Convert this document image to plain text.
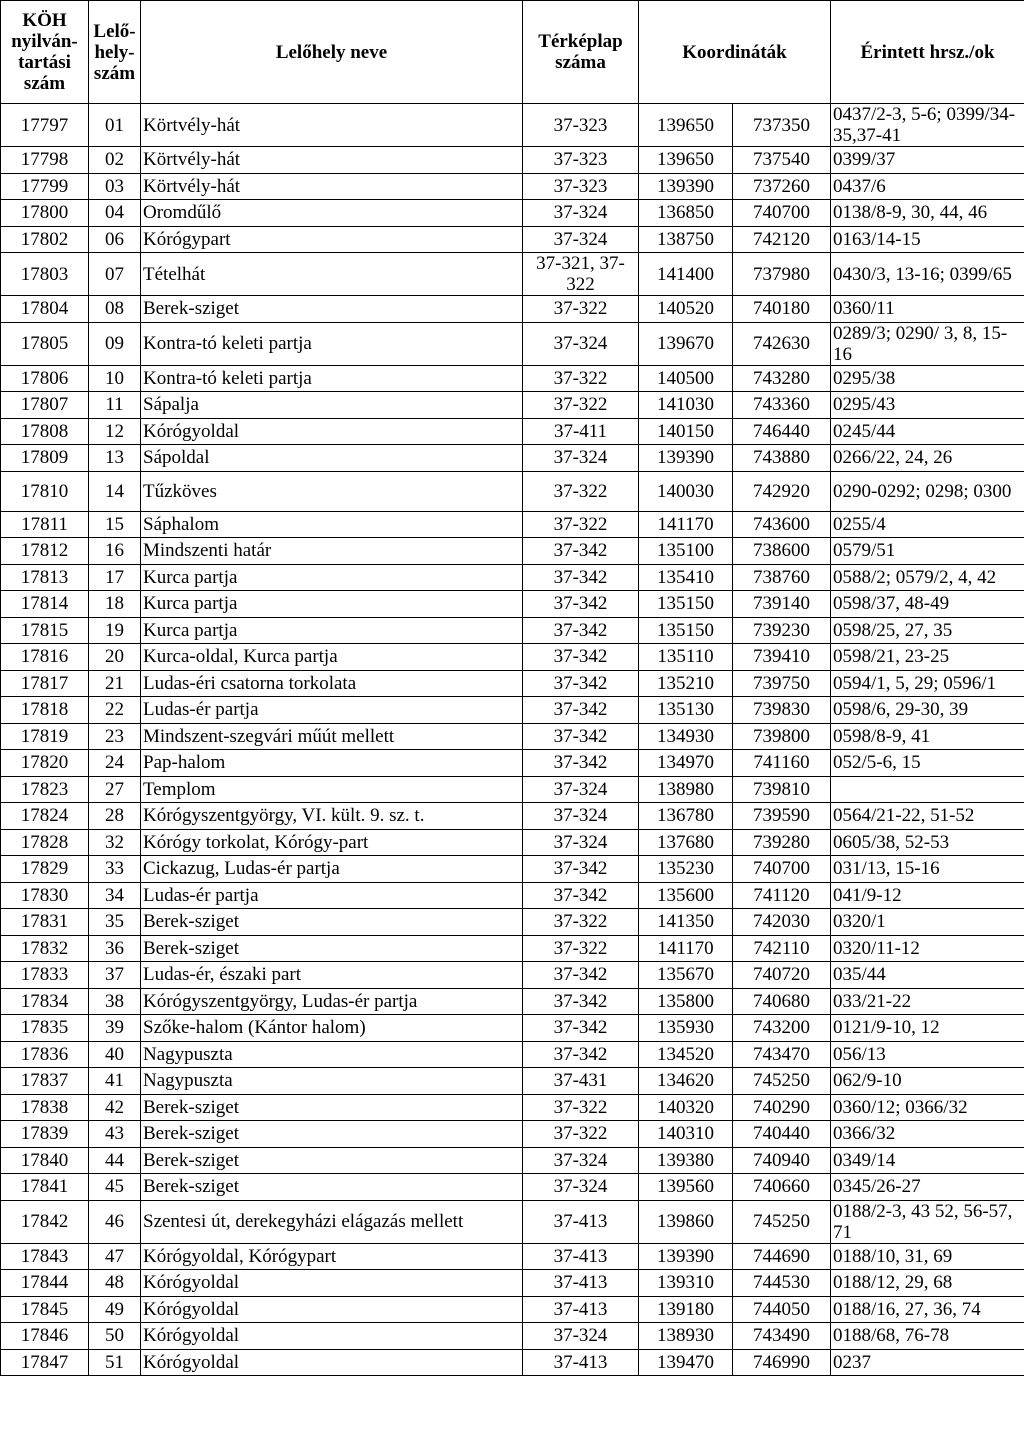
KÖH nyilván-tartási szám	Lelő-hely-szám	Lelőhely neve	Térképlap száma	Koordináták		Érintett hrsz./ok
17797	01	Körtvély-hát	37-323	139650	737350	0437/2-3, 5-6; 0399/34-35,37-41
17798	02	Körtvély-hát	37-323	139650	737540	0399/37
17799	03	Körtvély-hát	37-323	139390	737260	0437/6
17800	04	Oromdűlő	37-324	136850	740700	0138/8-9, 30, 44, 46
17802	06	Kórógypart	37-324	138750	742120	0163/14-15
17803	07	Tételhát	37-321, 37-322	141400	737980	0430/3, 13-16; 0399/65
17804	08	Berek-sziget	37-322	140520	740180	0360/11
17805	09	Kontra-tó keleti partja	37-324	139670	742630	0289/3; 0290/ 3, 8, 15-16
17806	10	Kontra-tó keleti partja	37-322	140500	743280	0295/38
17807	11	Sápalja	37-322	141030	743360	0295/43
17808	12	Kórógyoldal	37-411	140150	746440	0245/44
17809	13	Sápoldal	37-324	139390	743880	0266/22, 24, 26
17810	14	Tűzköves	37-322	140030	742920	0290-0292; 0298; 0300
17811	15	Sáphalom	37-322	141170	743600	0255/4
17812	16	Mindszenti határ	37-342	135100	738600	0579/51
17813	17	Kurca partja	37-342	135410	738760	0588/2; 0579/2, 4, 42
17814	18	Kurca partja	37-342	135150	739140	0598/37, 48-49
17815	19	Kurca partja	37-342	135150	739230	0598/25, 27, 35
17816	20	Kurca-oldal, Kurca partja	37-342	135110	739410	0598/21, 23-25
17817	21	Ludas-éri csatorna torkolata	37-342	135210	739750	0594/1, 5, 29; 0596/1
17818	22	Ludas-ér partja	37-342	135130	739830	0598/6, 29-30, 39
17819	23	Mindszent-szegvári műút mellett	37-342	134930	739800	0598/8-9, 41
17820	24	Pap-halom	37-342	134970	741160	052/5-6, 15
17823	27	Templom	37-324	138980	739810	
17824	28	Kórógyszentgyörgy, VI. kült. 9. sz. t.	37-324	136780	739590	0564/21-22, 51-52
17828	32	Kórógy torkolat, Kórógy-part	37-324	137680	739280	0605/38, 52-53
17829	33	Cickazug, Ludas-ér partja	37-342	135230	740700	031/13, 15-16
17830	34	Ludas-ér partja	37-342	135600	741120	041/9-12
17831	35	Berek-sziget	37-322	141350	742030	0320/1
17832	36	Berek-sziget	37-322	141170	742110	0320/11-12
17833	37	Ludas-ér, északi part	37-342	135670	740720	035/44
17834	38	Kórógyszentgyörgy, Ludas-ér partja	37-342	135800	740680	033/21-22
17835	39	Szőke-halom (Kántor halom)	37-342	135930	743200	0121/9-10, 12
17836	40	Nagypuszta	37-342	134520	743470	056/13
17837	41	Nagypuszta	37-431	134620	745250	062/9-10
17838	42	Berek-sziget	37-322	140320	740290	0360/12; 0366/32
17839	43	Berek-sziget	37-322	140310	740440	0366/32
17840	44	Berek-sziget	37-324	139380	740940	0349/14
17841	45	Berek-sziget	37-324	139560	740660	0345/26-27
17842	46	Szentesi út, derekegyházi elágazás mellett	37-413	139860	745250	0188/2-3, 43 52, 56-57, 71
17843	47	Kórógyoldal, Kórógypart	37-413	139390	744690	0188/10, 31, 69
17844	48	Kórógyoldal	37-413	139310	744530	0188/12, 29, 68
17845	49	Kórógyoldal	37-413	139180	744050	0188/16, 27, 36, 74
17846	50	Kórógyoldal	37-324	138930	743490	0188/68, 76-78
17847	51	Kórógyoldal	37-413	139470	746990	0237
